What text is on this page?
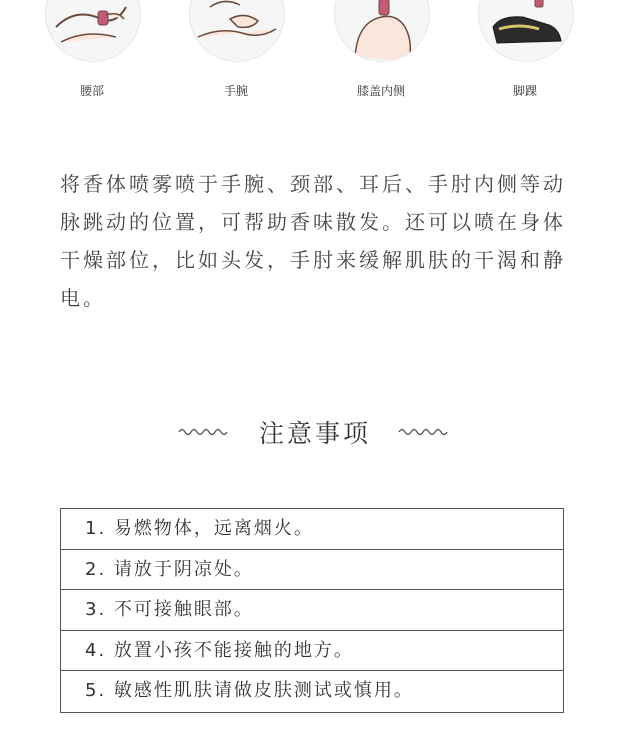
腰部	手腕	膝盖内侧	脚踝
将香体喷雾喷于手腕、颈部、耳后、手肘内侧等动脉跳动的位置，可帮助香味散发。还可以喷在身体干燥部位，比如头发，手肘来缓解肌肤的干渴和静电。
注意事项
1. 易燃物体，远离烟火。
2. 请放于阴凉处。
3. 不可接触眼部。
4. 放置小孩不能接触的地方。
5. 敏感性肌肤请做皮肤测试或慎用。
